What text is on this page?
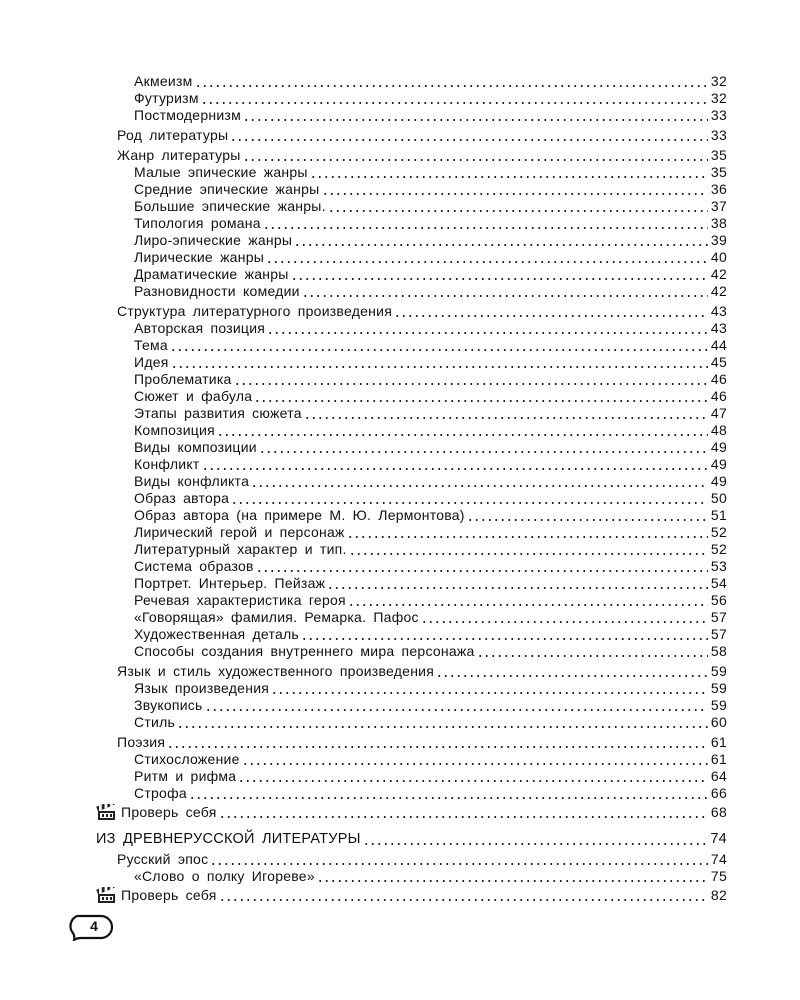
Акмеизм	32
Футуризм	32
Постмодернизм	33
Род литературы	33
Жанр литературы	35
Малые эпические жанры	35
Средние эпические жанры	36
Большие эпические жанры.	37
Типология романа	38
Лиро-эпические жанры	39
Лирические жанры	40
Драматические жанры	42
Разновидности комедии	42
Структура литературного произведения	43
Авторская позиция	43
Тема	44
Идея	45
Проблематика	46
Сюжет и фабула	46
Этапы развития сюжета	47
Композиция	48
Виды композиции	49
Конфликт	49
Виды конфликта	49
Образ автора	50
Образ автора (на примере М. Ю. Лермонтова)	51
Лирический герой и персонаж	52
Литературный характер и тип.	52
Система образов	53
Портрет. Интерьер. Пейзаж	54
Речевая характеристика героя	56
«Говорящая» фамилия. Ремарка. Пафос	57
Художественная деталь	57
Способы создания внутреннего мира персонажа	58
Язык и стиль художественного произведения	59
Язык произведения	59
Звукопись	59
Стиль	60
Поэзия	61
Стихосложение	61
Ритм и рифма	64
Строфа	66
Проверь себя	68
ИЗ ДРЕВНЕРУССКОЙ ЛИТЕРАТУРЫ	74
Русский эпос	74
«Слово о полку Игореве»	75
Проверь себя	82
4
